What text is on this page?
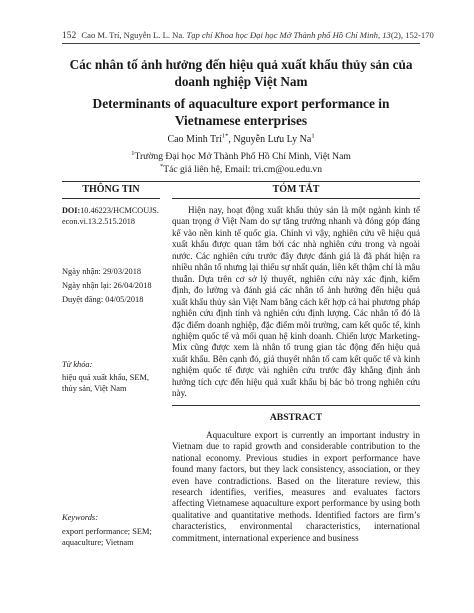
152 Cao M. Trí, Nguyễn L. L. Na. Tạp chí Khoa học Đại học Mở Thành phố Hồ Chí Minh, 13(2), 152-170
Các nhân tố ảnh hưởng đến hiệu quả xuất khẩu thủy sản của doanh nghiệp Việt Nam
Determinants of aquaculture export performance in Vietnamese enterprises
Cao Minh Trí$^{1*}$, Nguyễn Lưu Ly Na$^1$
$^1$Trường Đại học Mở Thành Phố Hồ Chí Minh, Việt Nam
*Tác giả liên hệ, Email: tri.cm@ou.edu.vn
THÔNG TIN	TÓM TẮT
DOI:10.46223/HCMCOUJS. econ.vi.13.2.515.2018
Ngày nhận: 29/03/2018
Ngày nhận lại: 26/04/2018
Duyệt đăng: 04/05/2018
Từ khóa:
hiệu quả xuất khẩu, SEM, thủy sản, Việt Nam
Keywords:
export performance; SEM; aquaculture; Vietnam
Hiện nay, hoạt động xuất khẩu thủy sản là một ngành kinh tế quan trọng ở Việt Nam do sự tăng trưởng nhanh và đóng góp đáng kể vào nền kinh tế quốc gia. Chính vì vậy, nghiên cứu về hiệu quả xuất khẩu được quan tâm bởi các nhà nghiên cứu trong và ngoài nước. Các nghiên cứu trước đây được đánh giá là đã phát hiện ra nhiều nhân tố nhưng lại thiếu sự nhất quán, liên kết thậm chí là mâu thuẫn. Dựa trên cơ sở lý thuyết, nghiên cứu này xác định, kiểm định, đo lường và đánh giá các nhân tố ảnh hưởng đến hiệu quả xuất khẩu thủy sản Việt Nam bằng cách kết hợp cả hai phương pháp nghiên cứu định tính và nghiên cứu định lượng. Các nhân tố đó là đặc điểm doanh nghiệp, đặc điểm môi trường, cam kết quốc tế, kinh nghiệm quốc tế và mối quan hệ kinh doanh. Chiến lược Marketing- Mix cũng được xem là nhân tố trung gian tác động đến hiệu quả xuất khẩu. Bên cạnh đó, giả thuyết nhân tố cam kết quốc tế và kinh nghiệm quốc tế được vài nghiên cứu trước đây khẳng định ảnh hưởng tích cực đến hiệu quả xuất khẩu bị bác bỏ trong nghiên cứu này.
ABSTRACT
Aquaculture export is currently an important industry in Vietnam due to rapid growth and considerable contribution to the national economy. Previous studies in export performance have found many factors, but they lack consistency, association, or they even have contradictions. Based on the literature review, this research identifies, verifies, measures and evaluates factors affecting Vietnamese aquaculture export performance by using both qualitative and quantitative methods. Identified factors are firm’s characteristics, environmental characteristics, international commitment, international experience and business
